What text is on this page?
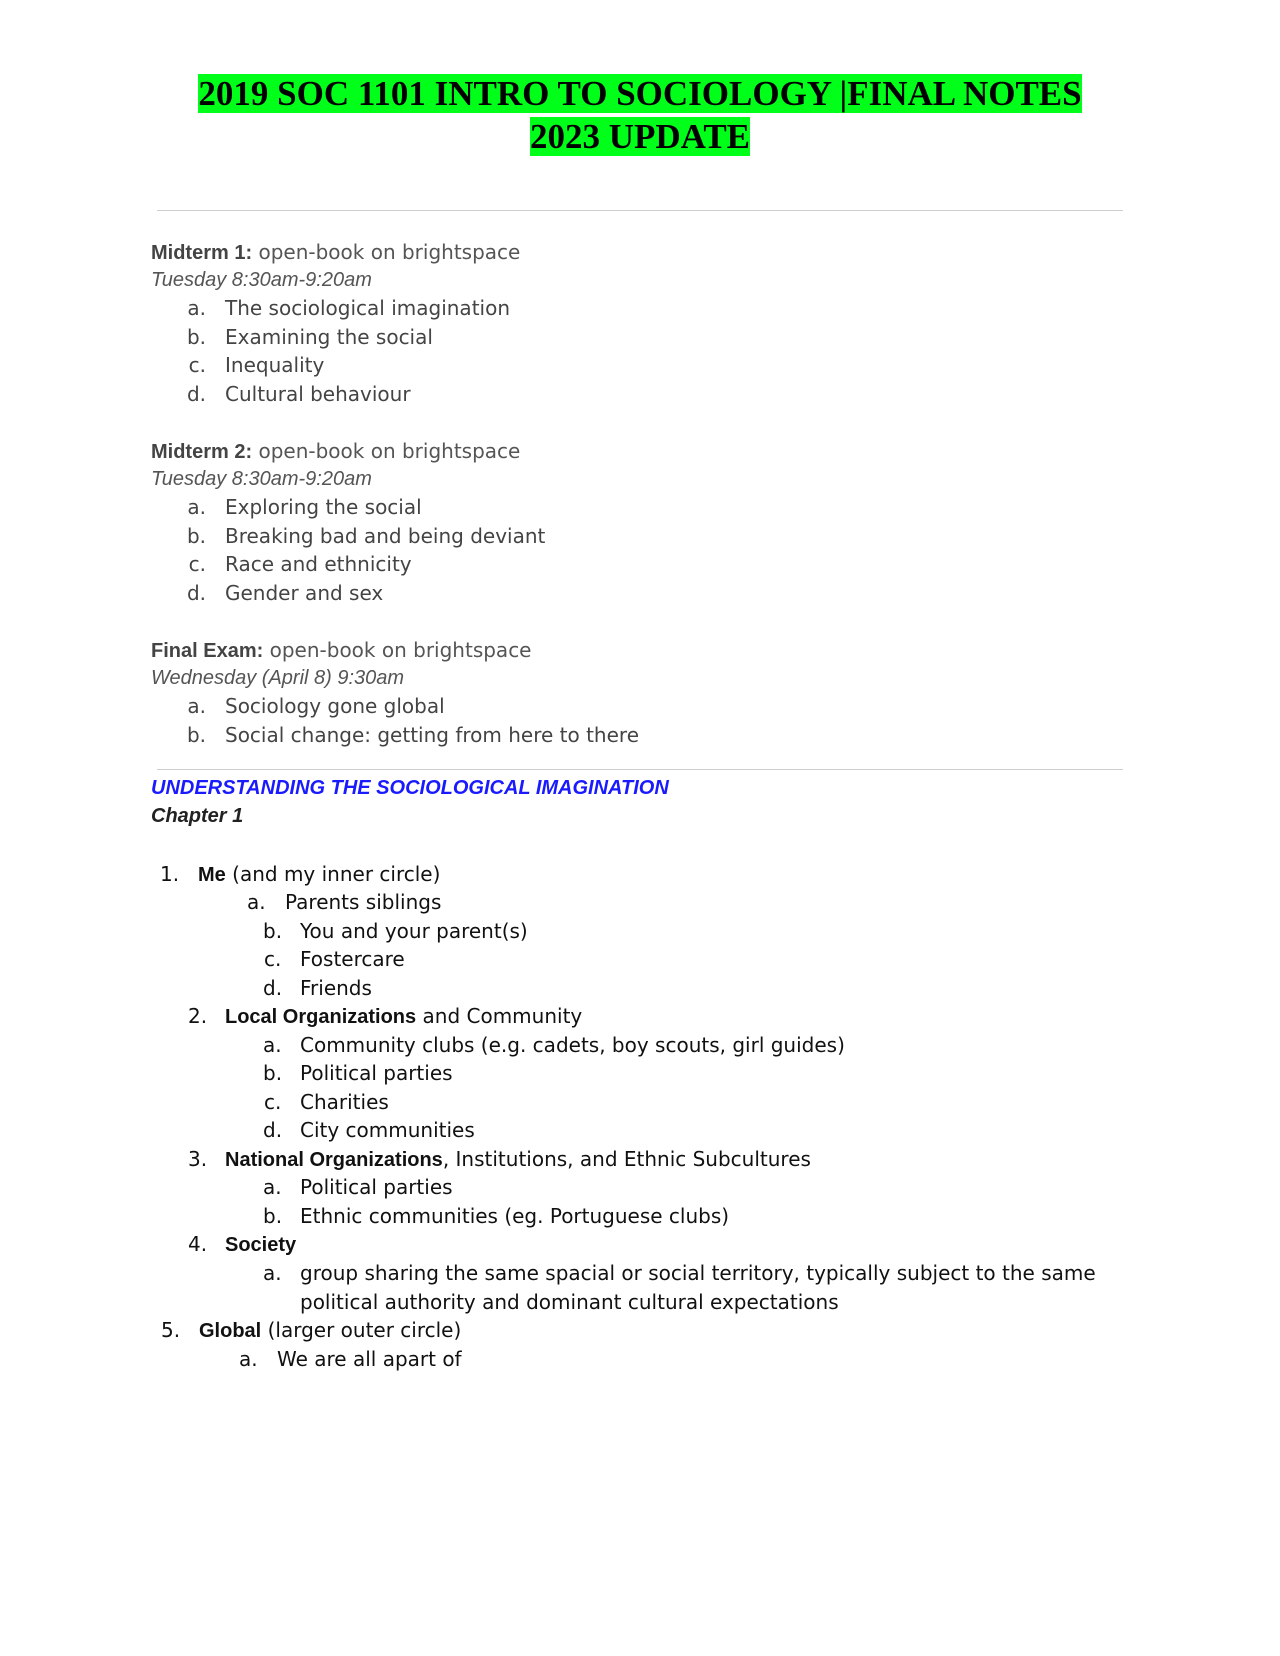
2019 SOC 1101 INTRO TO SOCIOLOGY |FINAL NOTES
2023 UPDATE
Midterm 1: open-book on brightspace
Tuesday 8:30am-9:20am
a. The sociological imagination
b. Examining the social
c. Inequality
d. Cultural behaviour
Midterm 2: open-book on brightspace
Tuesday 8:30am-9:20am
a. Exploring the social
b. Breaking bad and being deviant
c. Race and ethnicity
d. Gender and sex
Final Exam: open-book on brightspace
Wednesday (April 8) 9:30am
a. Sociology gone global
b. Social change: getting from here to there
UNDERSTANDING THE SOCIOLOGICAL IMAGINATION
Chapter 1
1. Me (and my inner circle)
a. Parents siblings
b. You and your parent(s)
c. Fostercare
d. Friends
2. Local Organizations and Community
a. Community clubs (e.g. cadets, boy scouts, girl guides)
b. Political parties
c. Charities
d. City communities
3. National Organizations, Institutions, and Ethnic Subcultures
a. Political parties
b. Ethnic communities (eg. Portuguese clubs)
4. Society
a. group sharing the same spacial or social territory, typically subject to the same political authority and dominant cultural expectations
5. Global (larger outer circle)
a. We are all apart of
